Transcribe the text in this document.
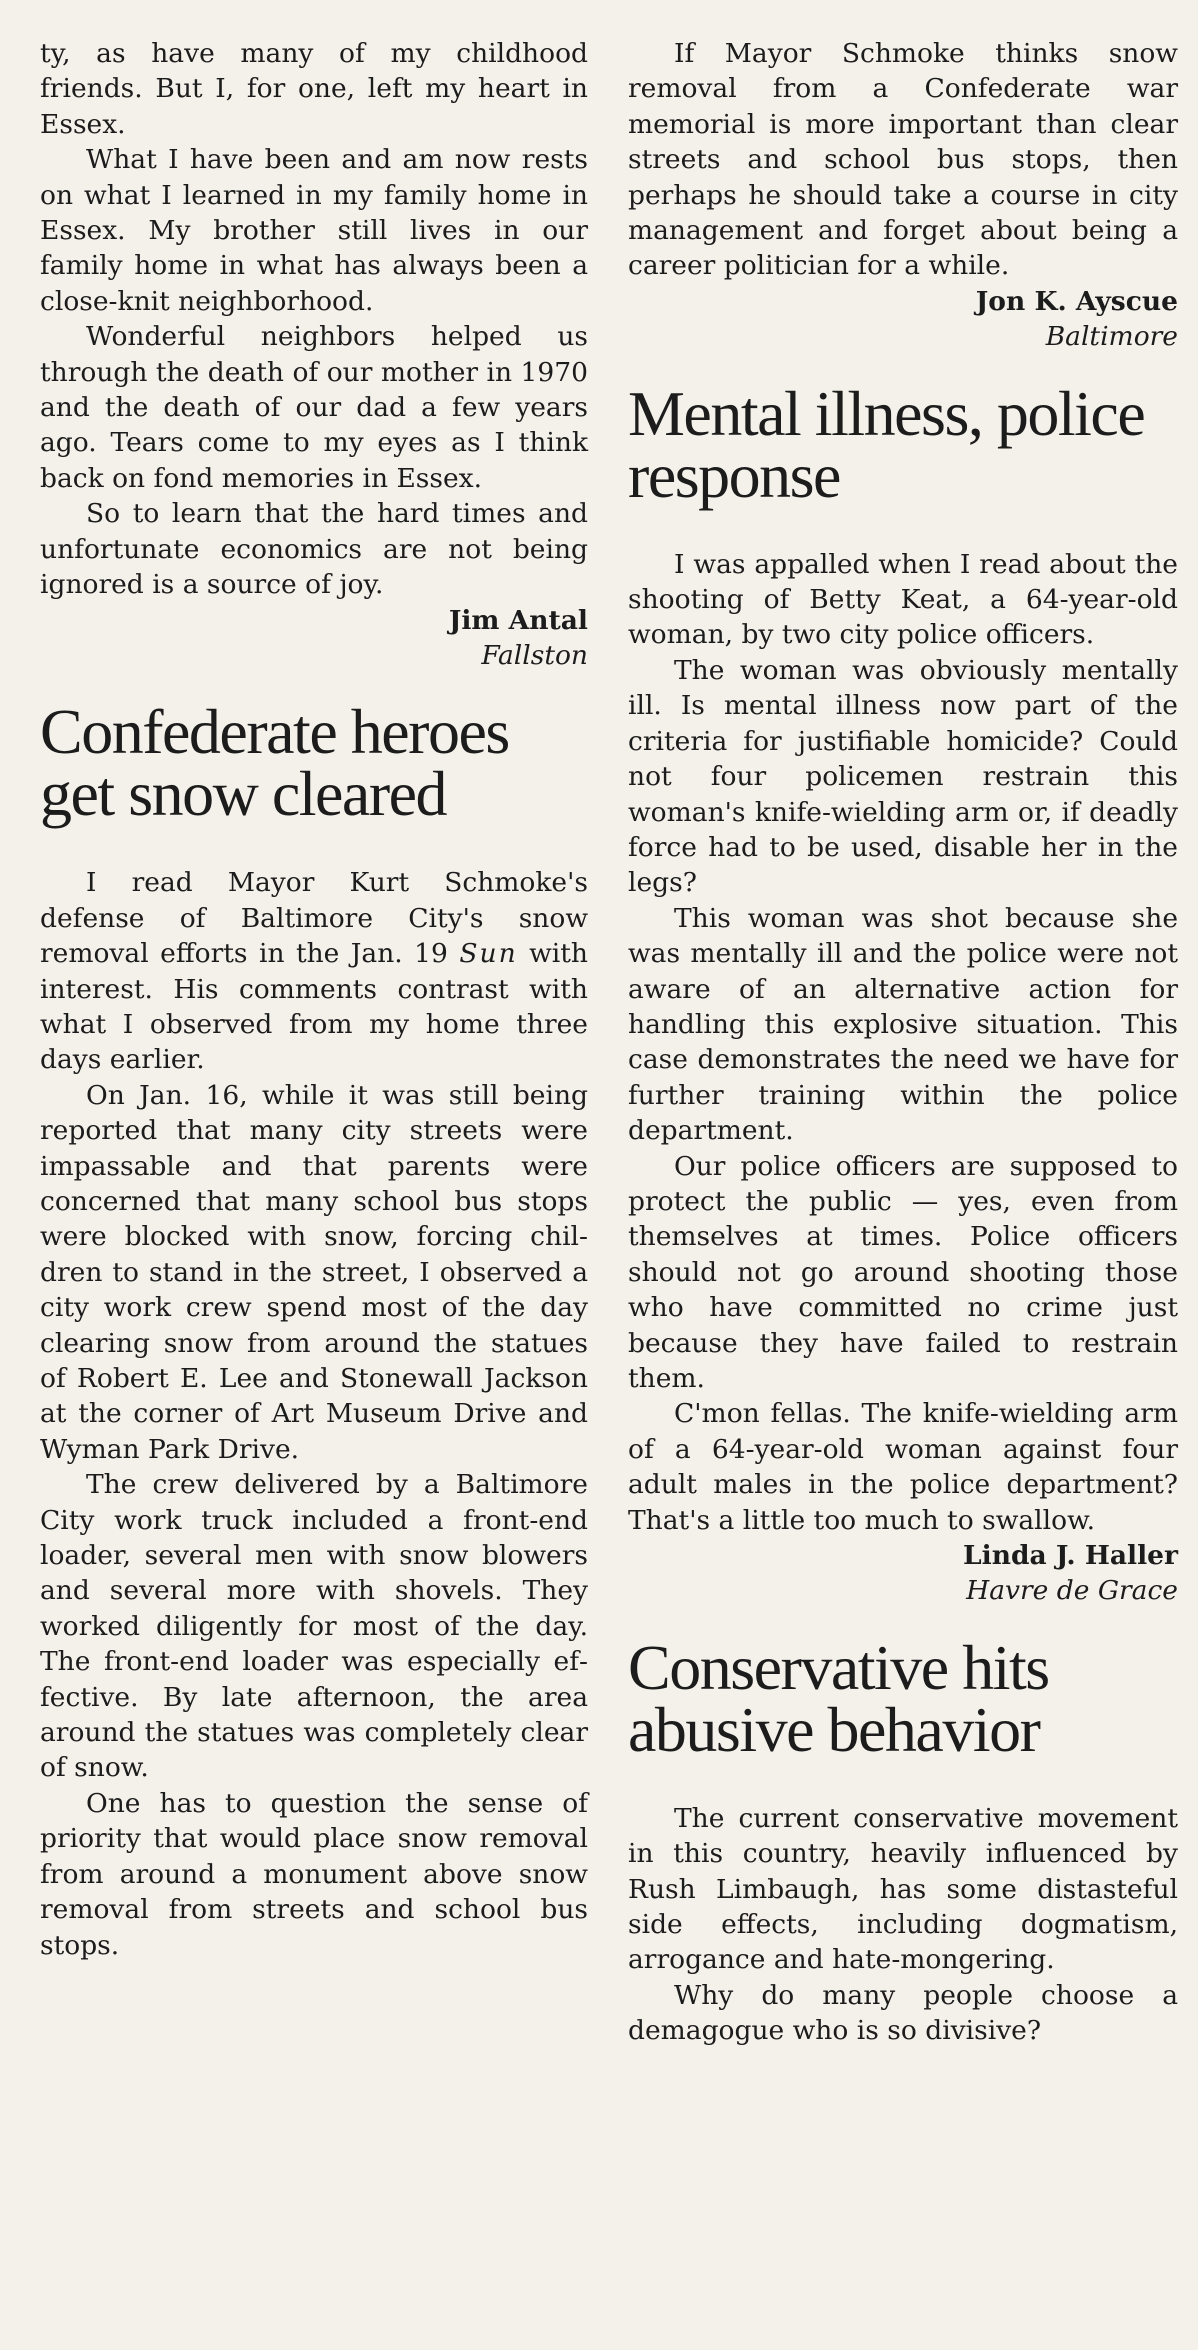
ty, as have many of my childhood friends. But I, for one, left my heart in Essex.

What I have been and am now rests on what I learned in my family home in Essex. My brother still lives in our family home in what has always been a close-knit neighborhood.

Wonderful neighbors helped us through the death of our mother in 1970 and the death of our dad a few years ago. Tears come to my eyes as I think back on fond memories in Essex.

So to learn that the hard times and unfortunate economics are not being ignored is a source of joy.

Jim Antal
Fallston
Confederate heroes get snow cleared

I read Mayor Kurt Schmoke's defense of Baltimore City's snow removal efforts in the Jan. 19 Sun with interest. His comments contrast with what I observed from my home three days earlier.

On Jan. 16, while it was still being reported that many city streets were impassable and that parents were concerned that many school bus stops were blocked with snow, forcing children to stand in the street, I observed a city work crew spend most of the day clearing snow from around the statues of Robert E. Lee and Stonewall Jackson at the corner of Art Museum Drive and Wyman Park Drive.

The crew delivered by a Baltimore City work truck included a front-end loader, several men with snow blowers and several more with shovels. They worked diligently for most of the day. The front-end loader was especially effective. By late afternoon, the area around the statues was completely clear of snow.

One has to question the sense of priority that would place snow removal from around a monument above snow removal from streets and school bus stops.

If Mayor Schmoke thinks snow removal from a Confederate war memorial is more important than clear streets and school bus stops, then perhaps he should take a course in city management and forget about being a career politician for a while.

Jon K. Ayscue
Baltimore
Mental illness, police response

I was appalled when I read about the shooting of Betty Keat, a 64-year-old woman, by two city police officers.

The woman was obviously mentally ill. Is mental illness now part of the criteria for justifiable homicide? Could not four policemen restrain this woman's knife-wielding arm or, if deadly force had to be used, disable her in the legs?

This woman was shot because she was mentally ill and the police were not aware of an alternative action for handling this explosive situation. This case demonstrates the need we have for further training within the police department.

Our police officers are supposed to protect the public — yes, even from themselves at times. Police officers should not go around shooting those who have committed no crime just because they have failed to restrain them.

C'mon fellas. The knife-wielding arm of a 64-year-old woman against four adult males in the police department? That's a little too much to swallow.

Linda J. Haller
Havre de Grace
Conservative hits abusive behavior

The current conservative movement in this country, heavily influenced by Rush Limbaugh, has some distasteful side effects, including dogmatism, arrogance and hate-mongering.

Why do many people choose a demagogue who is so divisive?
